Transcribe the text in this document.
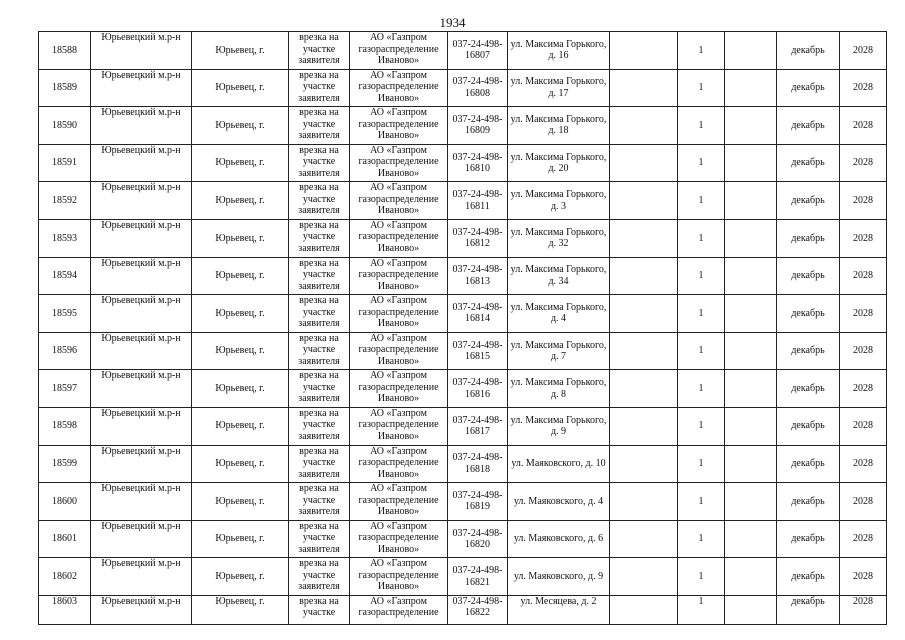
1934
18588	Юрьевецкий м.р-н	Юрьевец, г.	врезка на участке заявителя	АО «Газпром газораспределение Иваново»	037-24-498-16807	ул. Максима Горького, д. 16		1		декабрь	2028
18589	Юрьевецкий м.р-н	Юрьевец, г.	врезка на участке заявителя	АО «Газпром газораспределение Иваново»	037-24-498-16808	ул. Максима Горького, д. 17		1		декабрь	2028
18590	Юрьевецкий м.р-н	Юрьевец, г.	врезка на участке заявителя	АО «Газпром газораспределение Иваново»	037-24-498-16809	ул. Максима Горького, д. 18		1		декабрь	2028
18591	Юрьевецкий м.р-н	Юрьевец, г.	врезка на участке заявителя	АО «Газпром газораспределение Иваново»	037-24-498-16810	ул. Максима Горького, д. 20		1		декабрь	2028
18592	Юрьевецкий м.р-н	Юрьевец, г.	врезка на участке заявителя	АО «Газпром газораспределение Иваново»	037-24-498-16811	ул. Максима Горького, д. 3		1		декабрь	2028
18593	Юрьевецкий м.р-н	Юрьевец, г.	врезка на участке заявителя	АО «Газпром газораспределение Иваново»	037-24-498-16812	ул. Максима Горького, д. 32		1		декабрь	2028
18594	Юрьевецкий м.р-н	Юрьевец, г.	врезка на участке заявителя	АО «Газпром газораспределение Иваново»	037-24-498-16813	ул. Максима Горького, д. 34		1		декабрь	2028
18595	Юрьевецкий м.р-н	Юрьевец, г.	врезка на участке заявителя	АО «Газпром газораспределение Иваново»	037-24-498-16814	ул. Максима Горького, д. 4		1		декабрь	2028
18596	Юрьевецкий м.р-н	Юрьевец, г.	врезка на участке заявителя	АО «Газпром газораспределение Иваново»	037-24-498-16815	ул. Максима Горького, д. 7		1		декабрь	2028
18597	Юрьевецкий м.р-н	Юрьевец, г.	врезка на участке заявителя	АО «Газпром газораспределение Иваново»	037-24-498-16816	ул. Максима Горького, д. 8		1		декабрь	2028
18598	Юрьевецкий м.р-н	Юрьевец, г.	врезка на участке заявителя	АО «Газпром газораспределение Иваново»	037-24-498-16817	ул. Максима Горького, д. 9		1		декабрь	2028
18599	Юрьевецкий м.р-н	Юрьевец, г.	врезка на участке заявителя	АО «Газпром газораспределение Иваново»	037-24-498-16818	ул. Маяковского, д. 10		1		декабрь	2028
18600	Юрьевецкий м.р-н	Юрьевец, г.	врезка на участке заявителя	АО «Газпром газораспределение Иваново»	037-24-498-16819	ул. Маяковского, д. 4		1		декабрь	2028
18601	Юрьевецкий м.р-н	Юрьевец, г.	врезка на участке заявителя	АО «Газпром газораспределение Иваново»	037-24-498-16820	ул. Маяковского, д. 6		1		декабрь	2028
18602	Юрьевецкий м.р-н	Юрьевец, г.	врезка на участке заявителя	АО «Газпром газораспределение Иваново»	037-24-498-16821	ул. Маяковского, д. 9		1		декабрь	2028
18603	Юрьевецкий м.р-н	Юрьевец, г.	врезка на участке	АО «Газпром газораспределение	037-24-498-16822	ул. Месяцева, д. 2		1		декабрь	2028
